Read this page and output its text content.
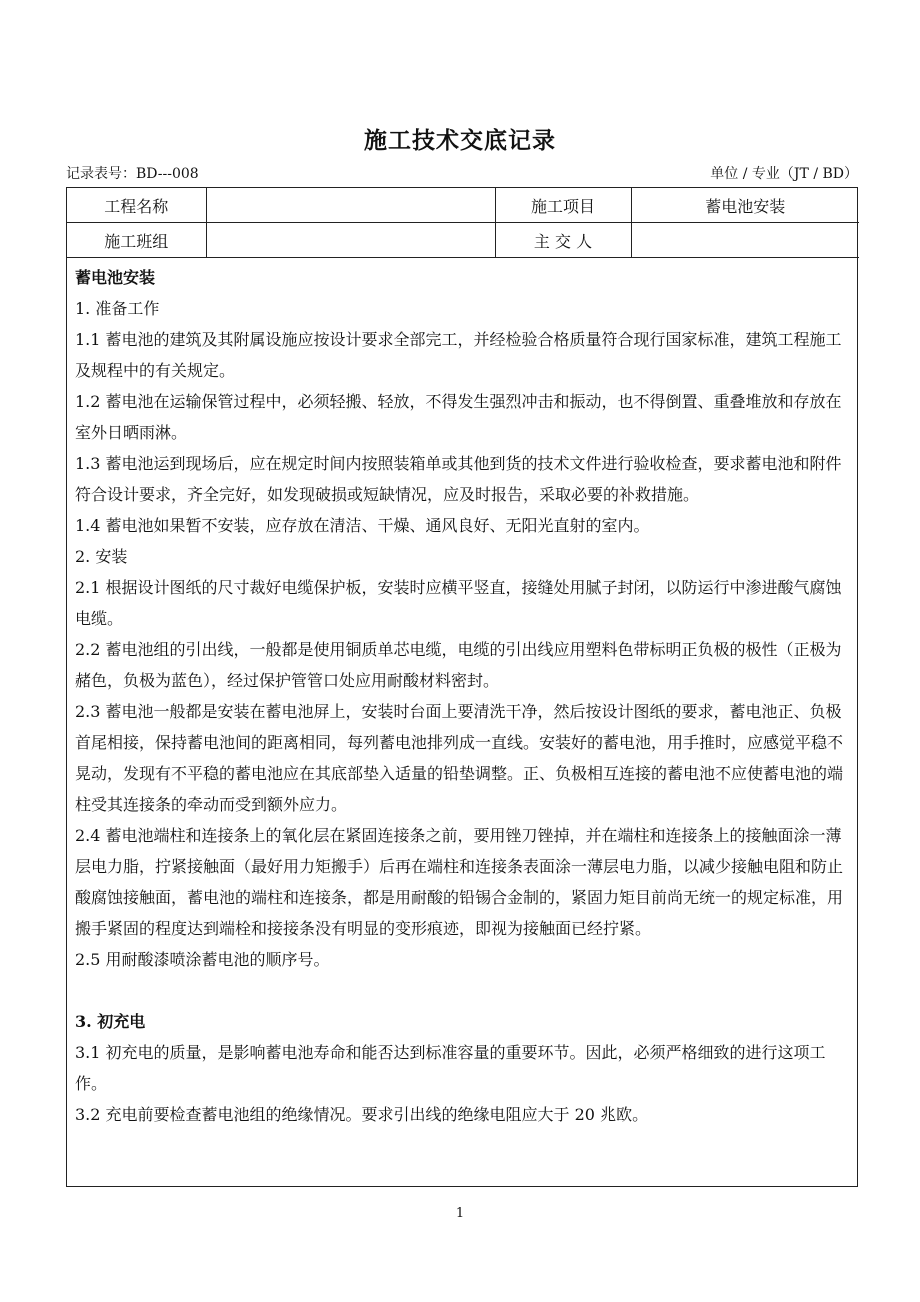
施工技术交底记录
记录表号：BD---008	单位 / 专业（JT / BD）
工程名称		施工项目	蓄电池安装
施工班组		主 交 人	

蓄电池安装

1. 准备工作

1.1 蓄电池的建筑及其附属设施应按设计要求全部完工，并经检验合格质量符合现行国家标准，建筑工程施工及规程中的有关规定。

1.2 蓄电池在运输保管过程中，必须轻搬、轻放，不得发生强烈冲击和振动，也不得倒置、重叠堆放和存放在室外日晒雨淋。

1.3 蓄电池运到现场后，应在规定时间内按照装箱单或其他到货的技术文件进行验收检查，要求蓄电池和附件符合设计要求，齐全完好，如发现破损或短缺情况，应及时报告，采取必要的补救措施。

1.4 蓄电池如果暂不安装，应存放在清洁、干燥、通风良好、无阳光直射的室内。

2. 安装

2.1 根据设计图纸的尺寸裁好电缆保护板，安装时应横平竖直，接缝处用腻子封闭，以防运行中渗进酸气腐蚀电缆。

2.2 蓄电池组的引出线，一般都是使用铜质单芯电缆，电缆的引出线应用塑料色带标明正负极的极性（正极为赭色，负极为蓝色），经过保护管管口处应用耐酸材料密封。

2.3 蓄电池一般都是安装在蓄电池屏上，安装时台面上要清洗干净，然后按设计图纸的要求，蓄电池正、负极首尾相接，保持蓄电池间的距离相同，每列蓄电池排列成一直线。安装好的蓄电池，用手推时，应感觉平稳不晃动，发现有不平稳的蓄电池应在其底部垫入适量的铅垫调整。正、负极相互连接的蓄电池不应使蓄电池的端柱受其连接条的牵动而受到额外应力。

2.4 蓄电池端柱和连接条上的氧化层在紧固连接条之前，要用锉刀锉掉，并在端柱和连接条上的接触面涂一薄层电力脂，拧紧接触面（最好用力矩搬手）后再在端柱和连接条表面涂一薄层电力脂，以减少接触电阻和防止酸腐蚀接触面，蓄电池的端柱和连接条，都是用耐酸的铅锡合金制的，紧固力矩目前尚无统一的规定标准，用搬手紧固的程度达到端栓和接接条没有明显的变形痕迹，即视为接触面已经拧紧。

2.5 用耐酸漆喷涂蓄电池的顺序号。

3. 初充电

3.1 初充电的质量，是影响蓄电池寿命和能否达到标准容量的重要环节。因此，必须严格细致的进行这项工作。

3.2 充电前要检查蓄电池组的绝缘情况。要求引出线的绝缘电阻应大于 20 兆欧。

1
